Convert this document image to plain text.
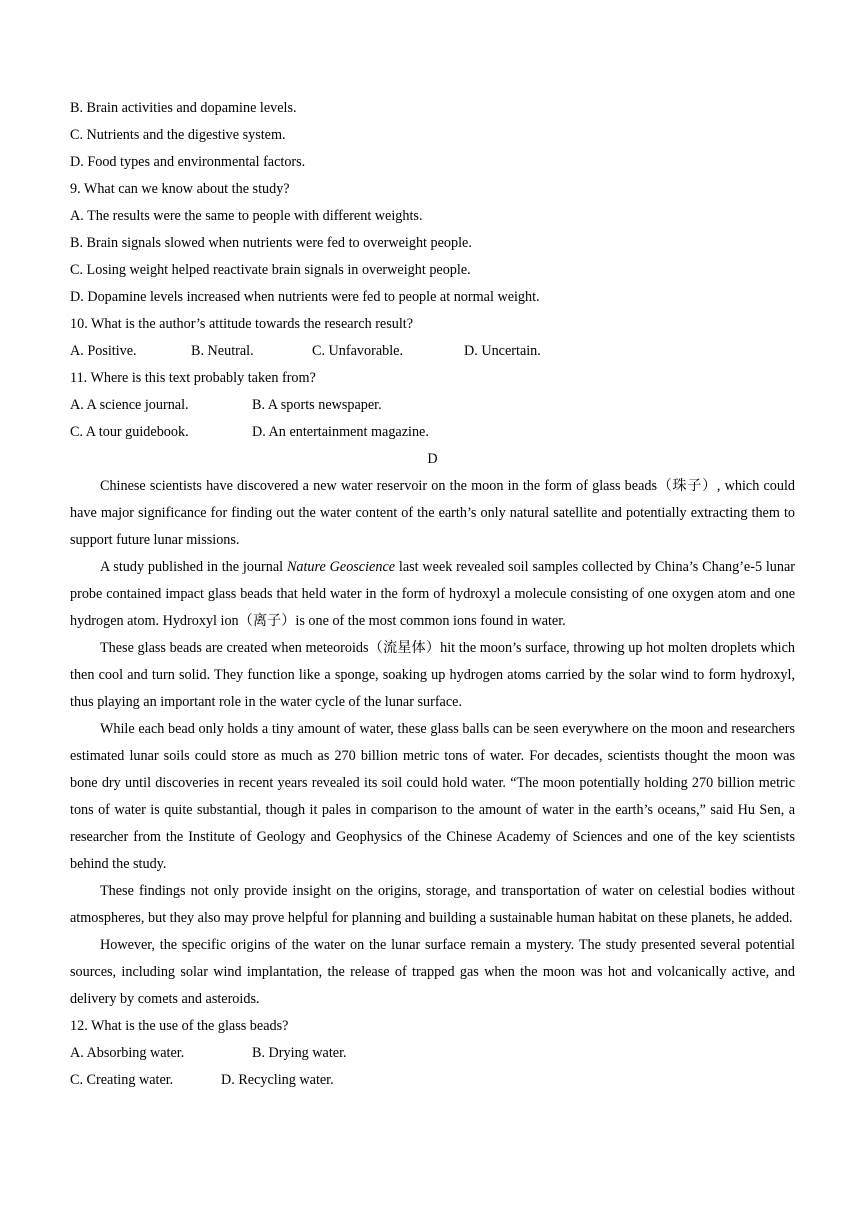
B. Brain activities and dopamine levels.
C. Nutrients and the digestive system.
D. Food types and environmental factors.
9. What can we know about the study?
A. The results were the same to people with different weights.
B. Brain signals slowed when nutrients were fed to overweight people.
C. Losing weight helped reactivate brain signals in overweight people.
D. Dopamine levels increased when nutrients were fed to people at normal weight.
10. What is the author’s attitude towards the research result?
A. Positive.	B. Neutral.	C. Unfavorable.	D. Uncertain.
11. Where is this text probably taken from?
A. A science journal.	B. A sports newspaper.
C. A tour guidebook.	D. An entertainment magazine.
D
Chinese scientists have discovered a new water reservoir on the moon in the form of glass beads（珠子）, which could have major significance for finding out the water content of the earth’s only natural satellite and potentially extracting them to support future lunar missions.
A study published in the journal Nature Geoscience last week revealed soil samples collected by China’s Chang’e-5 lunar probe contained impact glass beads that held water in the form of hydroxyl a molecule consisting of one oxygen atom and one hydrogen atom. Hydroxyl ion（离子）is one of the most common ions found in water.
These glass beads are created when meteoroids（流星体）hit the moon’s surface, throwing up hot molten droplets which then cool and turn solid. They function like a sponge, soaking up hydrogen atoms carried by the solar wind to form hydroxyl, thus playing an important role in the water cycle of the lunar surface.
While each bead only holds a tiny amount of water, these glass balls can be seen everywhere on the moon and researchers estimated lunar soils could store as much as 270 billion metric tons of water. For decades, scientists thought the moon was bone dry until discoveries in recent years revealed its soil could hold water. “The moon potentially holding 270 billion metric tons of water is quite substantial, though it pales in comparison to the amount of water in the earth’s oceans,” said Hu Sen, a researcher from the Institute of Geology and Geophysics of the Chinese Academy of Sciences and one of the key scientists behind the study.
These findings not only provide insight on the origins, storage, and transportation of water on celestial bodies without atmospheres, but they also may prove helpful for planning and building a sustainable human habitat on these planets, he added.
However, the specific origins of the water on the lunar surface remain a mystery. The study presented several potential sources, including solar wind implantation, the release of trapped gas when the moon was hot and volcanically active, and delivery by comets and asteroids.
12. What is the use of the glass beads?
A. Absorbing water.	B. Drying water.
C. Creating water.	D. Recycling water.
